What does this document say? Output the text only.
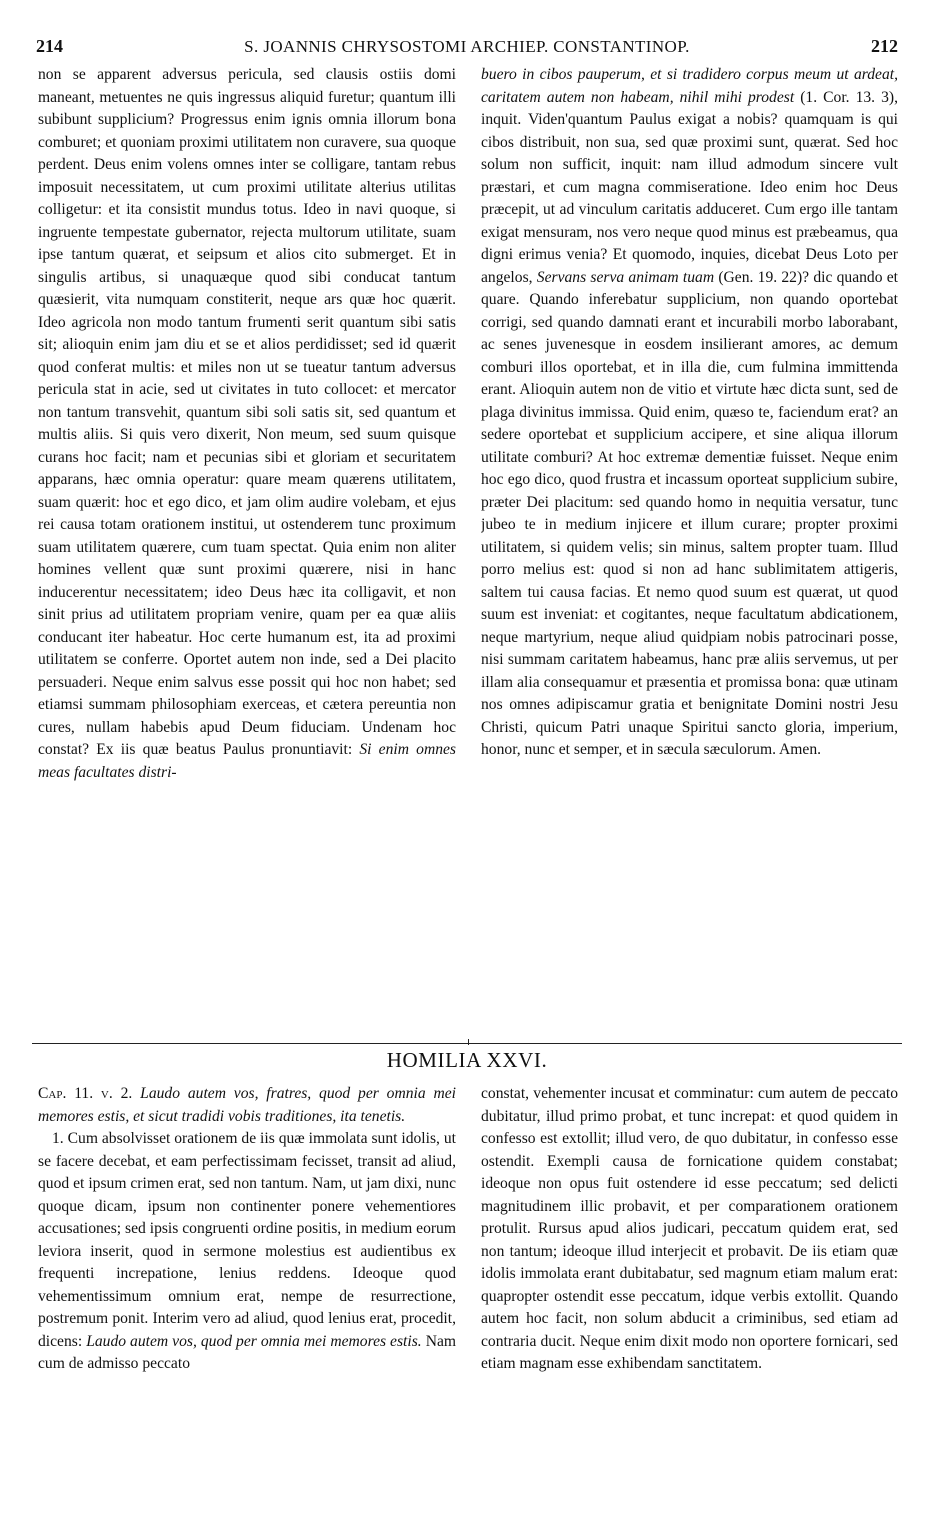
214	S. JOANNIS CHRYSOSTOMI ARCHIEP. CONSTANTINOP.	212

non se apparent adversus pericula, sed clausis ostiis domi maneant, metuentes ne quis ingressus aliquid furetur; quantum illi subibunt supplicium? Progressus enim ignis omnia illorum bona comburet; et quoniam proximi utilitatem non curavere, sua quoque perdent. Deus enim volens omnes inter se colligare, tantam rebus imposuit necessitatem, ut cum proximi utilitate alterius utilitas colligetur: et ita consistit mundus totus. Ideo in navi quoque, si ingruente tempestate gubernator, rejecta multorum utilitate, suam ipse tantum quærat, et seipsum et alios cito submerget. Et in singulis artibus, si unaquæque quod sibi conducat tantum quæsierit, vita numquam constiterit, neque ars quæ hoc quærit. Ideo agricola non modo tantum frumenti serit quantum sibi satis sit; alioquin enim jam diu et se et alios perdidisset; sed id quærit quod conferat multis: et miles non ut se tueatur tantum adversus pericula stat in acie, sed ut civitates in tuto collocet: et mercator non tantum transvehit, quantum sibi soli satis sit, sed quantum et multis aliis. Si quis vero dixerit, Non meum, sed suum quisque curans hoc facit; nam et pecunias sibi et gloriam et securitatem apparans, hæc omnia operatur: quare meam quærens utilitatem, suam quærit: hoc et ego dico, et jam olim audire volebam, et ejus rei causa totam orationem institui, ut ostenderem tunc proximum suam utilitatem quærere, cum tuam spectat. Quia enim non aliter homines vellent quæ sunt proximi quærere, nisi in hanc inducerentur necessitatem; ideo Deus hæc ita colligavit, et non sinit prius ad utilitatem propriam venire, quam per ea quæ aliis conducant iter habeatur. Hoc certe humanum est, ita ad proximi utilitatem se conferre. Oportet autem non inde, sed a Dei placito persuaderi. Neque enim salvus esse possit qui hoc non habet; sed etiamsi summam philosophiam exerceas, et cætera pereuntia non cures, nullam habebis apud Deum fiduciam. Undenam hoc constat? Ex iis quæ beatus Paulus pronuntiavit: Si enim omnes meas facultates distri-

buero in cibos pauperum, et si tradidero corpus meum ut ardeat, caritatem autem non habeam, nihil mihi prodest (1. Cor. 13. 3), inquit. Viden'quantum Paulus exigat a nobis? quamquam is qui cibos distribuit, non sua, sed quæ proximi sunt, quærat. Sed hoc solum non sufficit, inquit: nam illud admodum sincere vult præstari, et cum magna commiseratione. Ideo enim hoc Deus præcepit, ut ad vinculum caritatis adduceret. Cum ergo ille tantam exigat mensuram, nos vero neque quod minus est præbeamus, qua digni erimus venia? Et quomodo, inquies, dicebat Deus Loto per angelos, Servans serva animam tuam (Gen. 19. 22)? dic quando et quare. Quando inferebatur supplicium, non quando oportebat corrigi, sed quando damnati erant et incurabili morbo laborabant, ac senes juvenesque in eosdem insilierant amores, ac demum comburi illos oportebat, et in illa die, cum fulmina immittenda erant. Alioquin autem non de vitio et virtute hæc dicta sunt, sed de plaga divinitus immissa. Quid enim, quæso te, faciendum erat? an sedere oportebat et supplicium accipere, et sine aliqua illorum utilitate comburi? At hoc extremæ dementiæ fuisset. Neque enim hoc ego dico, quod frustra et incassum oporteat supplicium subire, præter Dei placitum: sed quando homo in nequitia versatur, tunc jubeo te in medium injicere et illum curare; propter proximi utilitatem, si quidem velis; sin minus, saltem propter tuam. Illud porro melius est: quod si non ad hanc sublimitatem attigeris, saltem tui causa facias. Et nemo quod suum est quærat, ut quod suum est inveniat: et cogitantes, neque facultatum abdicationem, neque martyrium, neque aliud quidpiam nobis patrocinari posse, nisi summam caritatem habeamus, hanc præ aliis servemus, ut per illam alia consequamur et præsentia et promissa bona: quæ utinam nos omnes adipiscamur gratia et benignitate Domini nostri Jesu Christi, quicum Patri unaque Spiritui sancto gloria, imperium, honor, nunc et semper, et in sæcula sæculorum. Amen.

HOMILIA XXVI.

Cap. 11. v. 2. Laudo autem vos, fratres, quod per omnia mei memores estis, et sicut tradidi vobis traditiones, ita tenetis.

1. Cum absolvisset orationem de iis quæ immolata sunt idolis, ut se facere decebat, et eam perfectissimam fecisset, transit ad aliud, quod et ipsum crimen erat, sed non tantum. Nam, ut jam dixi, nunc quoque dicam, ipsum non continenter ponere vehementiores accusationes; sed ipsis congruenti ordine positis, in medium eorum leviora inserit, quod in sermone molestius est audientibus ex frequenti increpatione, lenius reddens. Ideoque quod vehementissimum omnium erat, nempe de resurrectione, postremum ponit. Interim vero ad aliud, quod lenius erat, procedit, dicens: Laudo autem vos, quod per omnia mei memores estis. Nam cum de admisso peccato

constat, vehementer incusat et comminatur: cum autem de peccato dubitatur, illud primo probat, et tunc increpat: et quod quidem in confesso est extollit; illud vero, de quo dubitatur, in confesso esse ostendit. Exempli causa de fornicatione quidem constabat; ideoque non opus fuit ostendere id esse peccatum; sed delicti magnitudinem illic probavit, et per comparationem orationem protulit. Rursus apud alios judicari, peccatum quidem erat, sed non tantum; ideoque illud interjecit et probavit. De iis etiam quæ idolis immolata erant dubitabatur, sed magnum etiam malum erat: quapropter ostendit esse peccatum, idque verbis extollit. Quando autem hoc facit, non solum abducit a criminibus, sed etiam ad contraria ducit. Neque enim dixit modo non oportere fornicari, sed etiam magnam esse exhibendam sanctitatem.
